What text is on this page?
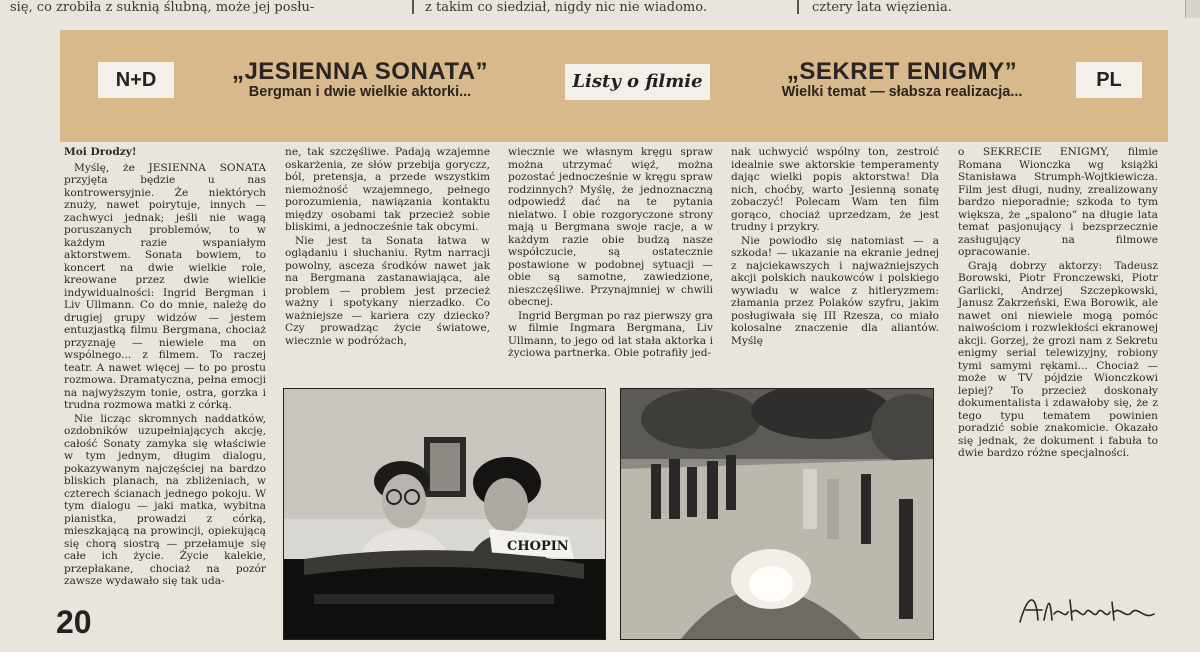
się, co zrobiła z suknią ślubną, może jej posłu-	z takim co siedział, nigdy nic nie wiadomo.	cztery lata więzienia.
N+D	„JESIENNA SONATA”
Bergman i dwie wielkie aktorki...	Listy o filmie	„SEKRET ENIGMY”
Wielki temat — słabsza realizacja...
PL

Moi Drodzy!

Myślę, że JESIENNA SONATA przyjęta będzie u nas kontrowersyjnie. Że niektórych znuży, nawet poirytuje, innych — zachwyci jednak; jeśli nie wagą poruszanych problemów, to w każdym razie wspaniałym aktorstwem. Sonata bowiem, to koncert na dwie wielkie role, kreowane przez dwie wielkie indywidualności: Ingrid Bergman i Liv Ullmann. Co do mnie, należę do drugiej grupy widzów — jestem entuzjastką filmu Bergmana, chociaż przyznaję — niewiele ma on wspólnego... z filmem. To raczej teatr. A nawet więcej — to po prostu rozmowa. Dramatyczna, pełna emocji na najwyższym tonie, ostra, gorzka i trudna rozmowa matki z córką.

Nie licząc skromnych naddatków, ozdobników uzupełniających akcję, całość Sonaty zamyka się właściwie w tym jednym, długim dialogu, pokazywanym najczęściej na bardzo bliskich planach, na zbliżeniach, w czterech ścianach jednego pokoju. W tym dialogu — jaki matka, wybitna pianistka, prowadzi z córką, mieszkającą na prowincji, opiekującą się chorą siostrą — przełamuje się całe ich życie. Życie kalekie, przepłakane, chociaż na pozór zawsze wydawało się tak uda-

ne, tak szczęśliwe. Padają wzajemne oskarżenia, ze słów przebija goryczz, ból, pretensja, a przede wszystkim niemożność wzajemnego, pełnego porozumienia, nawiązania kontaktu między osobami tak przecież sobie bliskimi, a jednocześnie tak obcymi.

Nie jest ta Sonata łatwa w oglądaniu i słuchaniu. Rytm narracji powolny, asceza środków nawet jak na Bergmana zastanawiająca, ale problem — problem jest przecież ważny i spotykany nierzadko. Co ważniejsze — kariera czy dziecko? Czy prowadząc życie światowe, wiecznie w podróżach,

wiecznie we własnym kręgu spraw można utrzymać więź, można pozostać jednocześnie w kręgu spraw rodzinnych? Myślę, że jednoznaczną odpowiedź dać na te pytania nielatwo. I obie rozgoryczone strony mają u Bergmana swoje racje, a w każdym razie obie budzą nasze współczucie, są ostatecznie postawione w podobnej sytuacji — obie są samotne, zawiedzione, nieszczęśliwe. Przynajmniej w chwili obecnej.

Ingrid Bergman po raz pierwszy gra w filmie Ingmara Bergmana, Liv Ullmann, to jego od lat stała aktorka i życiowa partnerka. Obie potrafiły jed-

nak uchwycić wspólny ton, zestroić idealnie swe aktorskie temperamenty dając wielki popis aktorstwa! Dla nich, choćby, warto Jesienną sonatę zobaczyć! Polecam Wam ten film gorąco, chociaż uprzedzam, że jest trudny i przykry.

Nie powiodło się natomiast — a szkoda! — ukazanie na ekranie jednej z najciekawszych i najważniejszych akcji polskich naukowców i polskiego wywiadu w walce z hitleryzmem: złamania przez Polaków szyfru, jakim posługiwała się III Rzesza, co miało kolosalne znaczenie dla aliantów. Myślę

o SEKRECIE ENIGMY, filmie Romana Wionczka wg książki Stanisława Strumph-Wojtkiewicza. Film jest długi, nudny, zrealizowany bardzo nieporadnie; szkoda to tym większa, że „spalono” na długie lata temat pasjonujący i bezsprzecznie zasługujący na filmowe opracowanie.

Grają dobrzy aktorzy: Tadeusz Borowski, Piotr Fronczewski, Piotr Garlicki, Andrzej Szczepkowski, Janusz Zakrzeński, Ewa Borowik, ale nawet oni niewiele mogą pomóc naiwościom i rozwlekłości ekranowej akcji. Gorzej, że grozi nam z Sekretu enigmy serial telewizyjny, robiony tymi samymi rękami... Chociaż — może w TV pójdzie Wionczkowi lepiej? To przecież doskonały dokumentalista i zdawałoby się, że z tego typu tematem powinien poradzić sobie znakomicie. Okazało się jednak, że dokument i fabuła to dwie bardzo różne specjalności.

CHOPIN
20
